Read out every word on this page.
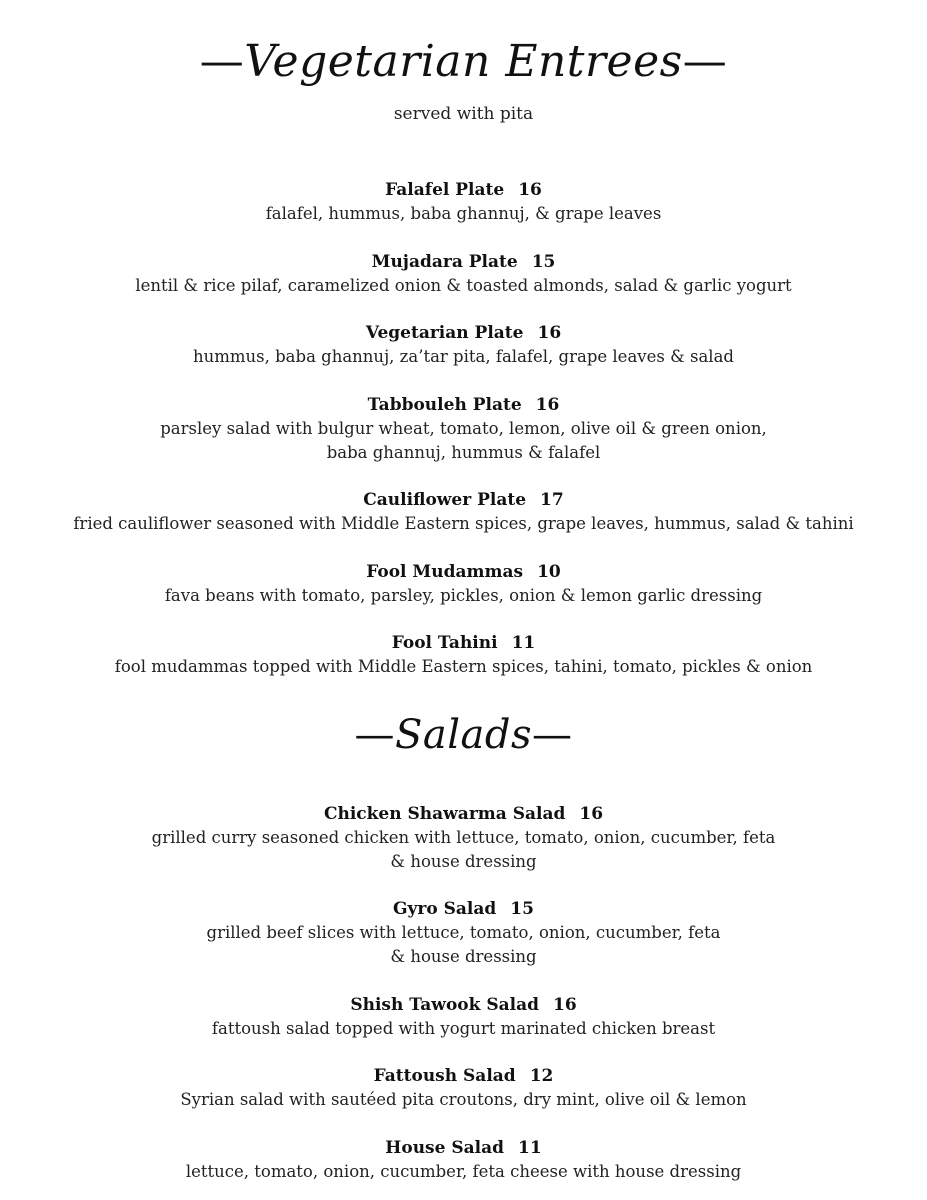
—Vegetarian Entrees—
served with pita
Falafel Plate 16
falafel, hummus, baba ghannuj, & grape leaves
Mujadara Plate 15
lentil & rice pilaf, caramelized onion & toasted almonds, salad & garlic yogurt
Vegetarian Plate 16
hummus, baba ghannuj, za’tar pita, falafel, grape leaves & salad
Tabbouleh Plate 16
parsley salad with bulgur wheat, tomato, lemon, olive oil & green onion,
baba ghannuj, hummus & falafel
Cauliflower Plate 17
fried cauliflower seasoned with Middle Eastern spices, grape leaves, hummus, salad & tahini
Fool Mudammas 10
fava beans with tomato, parsley, pickles, onion & lemon garlic dressing
Fool Tahini 11
fool mudammas topped with Middle Eastern spices, tahini, tomato, pickles & onion
—Salads—
Chicken Shawarma Salad 16
grilled curry seasoned chicken with lettuce, tomato, onion, cucumber, feta
& house dressing
Gyro Salad 15
grilled beef slices with lettuce, tomato, onion, cucumber, feta
& house dressing
Shish Tawook Salad 16
fattoush salad topped with yogurt marinated chicken breast
Fattoush Salad 12
Syrian salad with sautéed pita croutons, dry mint, olive oil & lemon
House Salad 11
lettuce, tomato, onion, cucumber, feta cheese with house dressing
